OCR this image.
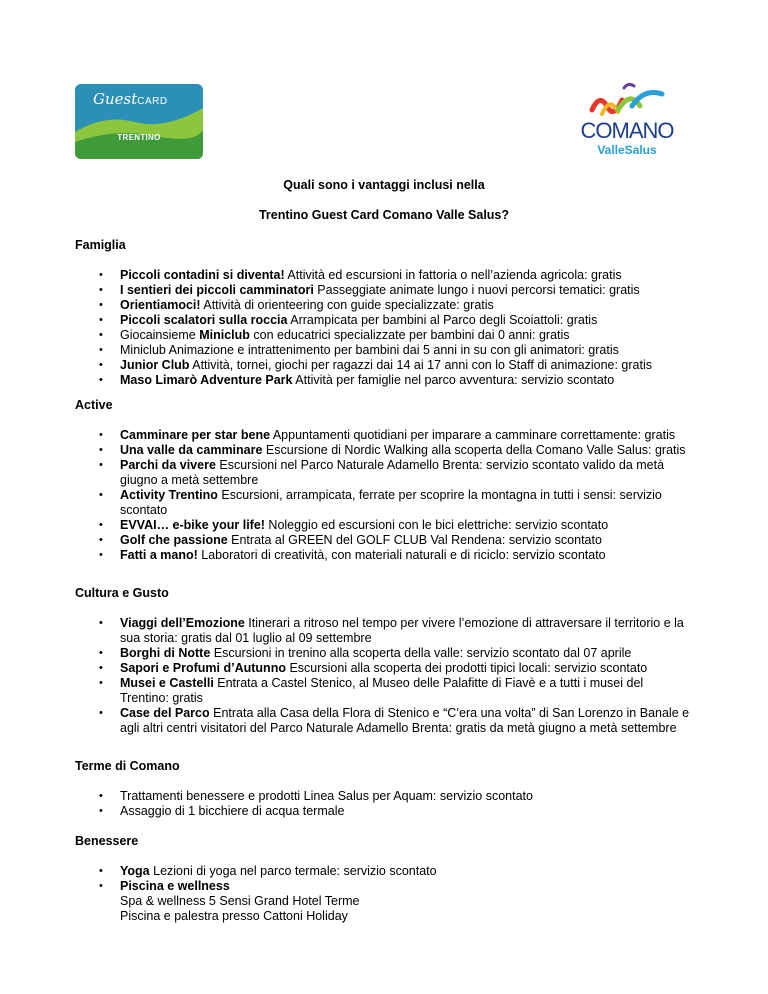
GuestCARD
TRENTINO	COMANO
ValleSalus
Quali sono i vantaggi inclusi nella
Trentino Guest Card Comano Valle Salus?
Famiglia
• Piccoli contadini si diventa! Attività ed escursioni in fattoria o nell’azienda agricola: gratis
• I sentieri dei piccoli camminatori Passeggiate animate lungo i nuovi percorsi tematici: gratis
• Orientiamoci! Attività di orienteering con guide specializzate: gratis
• Piccoli scalatori sulla roccia Arrampicata per bambini al Parco degli Scoiattoli: gratis
• Giocainsieme Miniclub con educatrici specializzate per bambini dai 0 anni: gratis
• Miniclub Animazione e intrattenimento per bambini dai 5 anni in su con gli animatori: gratis
• Junior Club Attività, tornei, giochi per ragazzi dai 14 ai 17 anni con lo Staff di animazione: gratis
• Maso Limarò Adventure Park Attività per famiglie nel parco avventura: servizio scontato
Active
• Camminare per star bene Appuntamenti quotidiani per imparare a camminare correttamente: gratis
• Una valle da camminare Escursione di Nordic Walking alla scoperta della Comano Valle Salus: gratis
• Parchi da vivere Escursioni nel Parco Naturale Adamello Brenta: servizio scontato valido da metà giugno a metà settembre
• Activity Trentino Escursioni, arrampicata, ferrate per scoprire la montagna in tutti i sensi: servizio scontato
• EVVAI… e-bike your life! Noleggio ed escursioni con le bici elettriche: servizio scontato
• Golf che passione Entrata al GREEN del GOLF CLUB Val Rendena: servizio scontato
• Fatti a mano! Laboratori di creatività, con materiali naturali e di riciclo: servizio scontato
Cultura e Gusto
• Viaggi dell’Emozione Itinerari a ritroso nel tempo per vivere l’emozione di attraversare il territorio e la sua storia: gratis dal 01 luglio al 09 settembre
• Borghi di Notte Escursioni in trenino alla scoperta della valle: servizio scontato dal 07 aprile
• Sapori e Profumi d’Autunno Escursioni alla scoperta dei prodotti tipici locali: servizio scontato
• Musei e Castelli Entrata a Castel Stenico, al Museo delle Palafitte di Fiavè e a tutti i musei del Trentino: gratis
• Case del Parco Entrata alla Casa della Flora di Stenico e “C’era una volta” di San Lorenzo in Banale e agli altri centri visitatori del Parco Naturale Adamello Brenta: gratis da metà giugno a metà settembre
Terme di Comano
• Trattamenti benessere e prodotti Linea Salus per Aquam: servizio scontato
• Assaggio di 1 bicchiere di acqua termale
Benessere
• Yoga Lezioni di yoga nel parco termale: servizio scontato
• Piscina e wellness
Spa & wellness 5 Sensi Grand Hotel Terme
Piscina e palestra presso Cattoni Holiday
